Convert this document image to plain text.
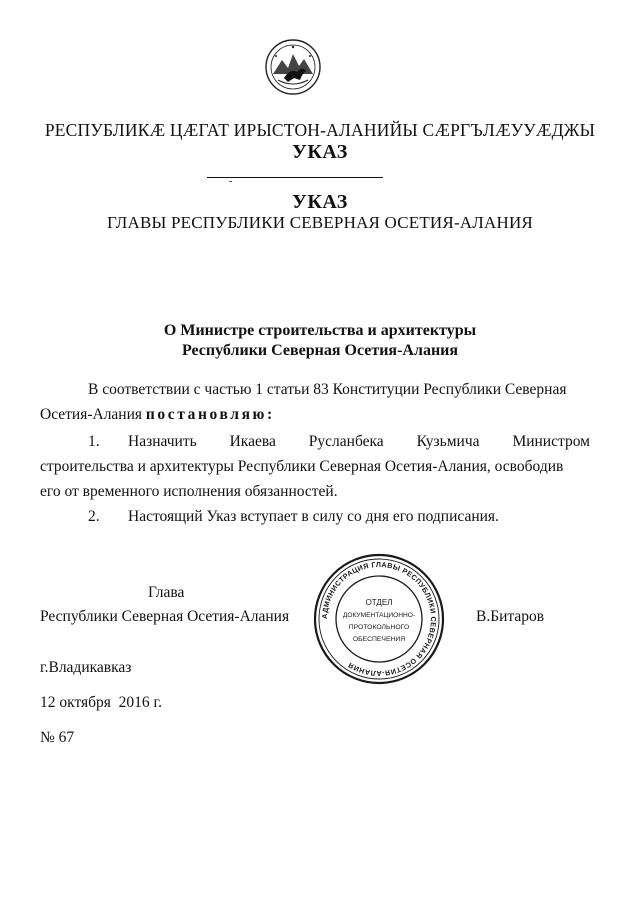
РЕСПУБЛИКӔ ЦӔГАТ ИРЫСТОН-АЛАНИЙЫ СӔРГЪЛӔУУӔДЖЫ
УКАЗ
УКАЗ
ГЛАВЫ РЕСПУБЛИКИ СЕВЕРНАЯ ОСЕТИЯ-АЛАНИЯ
О Министре строительства и архитектуры
Республики Северная Осетия-Алания
В соответствии с частью 1 статьи 83 Конституции Республики Северная
Осетия-Алания постановляю:
1. Назначить Икаева Русланбека Кузьмича Министром
строительства и архитектуры Республики Северная Осетия-Алания, освободив
его от временного исполнения обязанностей.
2. Настоящий Указ вступает в силу со дня его подписания.
Глава
Республики Северная Осетия-Алания	В.Битаров
АДМИНИСТРАЦИЯ ГЛАВЫ РЕСПУБЛИКИ СЕВЕРНАЯ ОСЕТИЯ-АЛАНИЯ
ОТДЕЛ
ДОКУМЕНТАЦИОННО-
ПРОТОКОЛЬНОГО
ОБЕСПЕЧЕНИЯ
г.Владикавказ
12 октября  2016 г.
№ 67
